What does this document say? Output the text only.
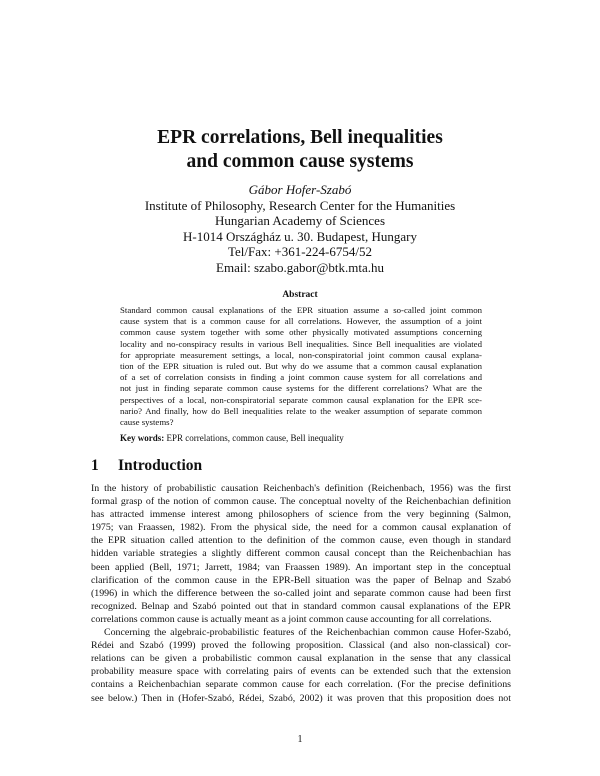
EPR correlations, Bell inequalities
and common cause systems
Gábor Hofer-Szabó
Institute of Philosophy, Research Center for the Humanities
Hungarian Academy of Sciences
H-1014 Országház u. 30. Budapest, Hungary
Tel/Fax: +361-224-6754/52
Email: szabo.gabor@btk.mta.hu
Abstract
Standard common causal explanations of the EPR situation assume a so-called joint common
cause system that is a common cause for all correlations. However, the assumption of a joint
common cause system together with some other physically motivated assumptions concerning
locality and no-conspiracy results in various Bell inequalities. Since Bell inequalities are violated
for appropriate measurement settings, a local, non-conspiratorial joint common causal explana-
tion of the EPR situation is ruled out. But why do we assume that a common causal explanation
of a set of correlation consists in finding a joint common cause system for all correlations and
not just in finding separate common cause systems for the different correlations? What are the
perspectives of a local, non-conspiratorial separate common causal explanation for the EPR sce-
nario? And finally, how do Bell inequalities relate to the weaker assumption of separate common
cause systems?
Key words: EPR correlations, common cause, Bell inequality
1 Introduction
In the history of probabilistic causation Reichenbach's definition (Reichenbach, 1956) was the first
formal grasp of the notion of common cause. The conceptual novelty of the Reichenbachian definition
has attracted immense interest among philosophers of science from the very beginning (Salmon,
1975; van Fraassen, 1982). From the physical side, the need for a common causal explanation of
the EPR situation called attention to the definition of the common cause, even though in standard
hidden variable strategies a slightly different common causal concept than the Reichenbachian has
been applied (Bell, 1971; Jarrett, 1984; van Fraassen 1989). An important step in the conceptual
clarification of the common cause in the EPR-Bell situation was the paper of Belnap and Szabó
(1996) in which the difference between the so-called joint and separate common cause had been first
recognized. Belnap and Szabó pointed out that in standard common causal explanations of the EPR
correlations common cause is actually meant as a joint common cause accounting for all correlations.
Concerning the algebraic-probabilistic features of the Reichenbachian common cause Hofer-Szabó,
Rédei and Szabó (1999) proved the following proposition. Classical (and also non-classical) cor-
relations can be given a probabilistic common causal explanation in the sense that any classical
probability measure space with correlating pairs of events can be extended such that the extension
contains a Reichenbachian separate common cause for each correlation. (For the precise definitions
see below.) Then in (Hofer-Szabó, Rédei, Szabó, 2002) it was proven that this proposition does not
1
